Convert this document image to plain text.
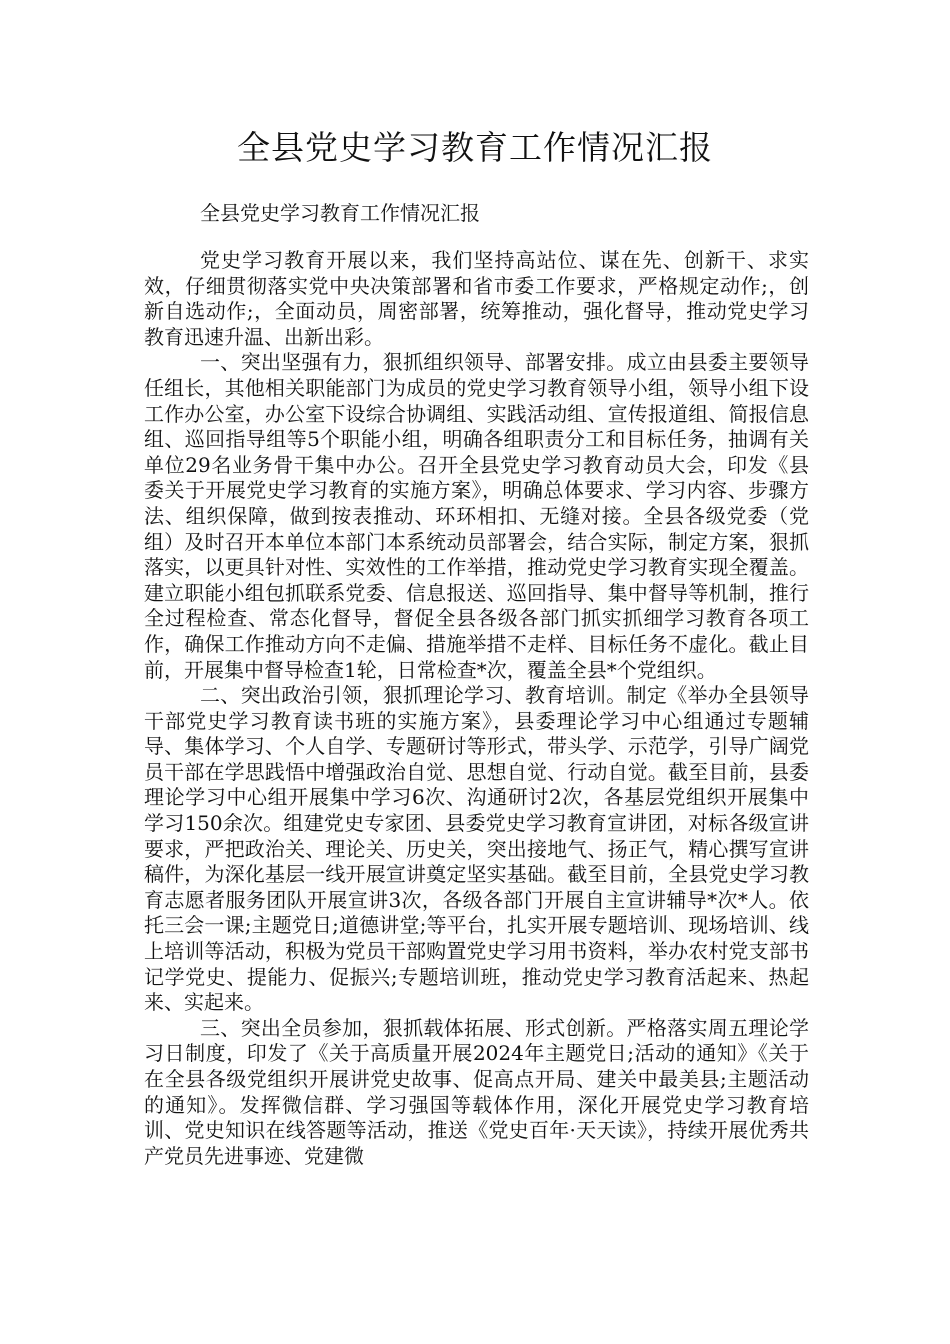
全县党史学习教育工作情况汇报
全县党史学习教育工作情况汇报

党史学习教育开展以来，我们坚持高站位、谋在先、创新干、求实效，仔细贯彻落实党中央决策部署和省市委工作要求，严格规定动作;，创新自选动作;，全面动员，周密部署，统筹推动，强化督导，推动党史学习教育迅速升温、出新出彩。

一、突出坚强有力，狠抓组织领导、部署安排。成立由县委主要领导任组长，其他相关职能部门为成员的党史学习教育领导小组，领导小组下设工作办公室，办公室下设综合协调组、实践活动组、宣传报道组、简报信息组、巡回指导组等5个职能小组，明确各组职责分工和目标任务，抽调有关单位29名业务骨干集中办公。召开全县党史学习教育动员大会，印发《县委关于开展党史学习教育的实施方案》，明确总体要求、学习内容、步骤方法、组织保障，做到按表推动、环环相扣、无缝对接。全县各级党委（党组）及时召开本单位本部门本系统动员部署会，结合实际，制定方案，狠抓落实，以更具针对性、实效性的工作举措，推动党史学习教育实现全覆盖。建立职能小组包抓联系党委、信息报送、巡回指导、集中督导等机制，推行全过程检查、常态化督导，督促全县各级各部门抓实抓细学习教育各项工作，确保工作推动方向不走偏、措施举措不走样、目标任务不虚化。截止目前，开展集中督导检查1轮，日常检查*次，覆盖全县*个党组织。

二、突出政治引领，狠抓理论学习、教育培训。制定《举办全县领导干部党史学习教育读书班的实施方案》，县委理论学习中心组通过专题辅导、集体学习、个人自学、专题研讨等形式，带头学、示范学，引导广阔党员干部在学思践悟中增强政治自觉、思想自觉、行动自觉。截至目前，县委理论学习中心组开展集中学习6次、沟通研讨2次，各基层党组织开展集中学习150余次。组建党史专家团、县委党史学习教育宣讲团，对标各级宣讲要求，严把政治关、理论关、历史关，突出接地气、扬正气，精心撰写宣讲稿件，为深化基层一线开展宣讲奠定坚实基础。截至目前，全县党史学习教育志愿者服务团队开展宣讲3次，各级各部门开展自主宣讲辅导*次*人。依托三会一课;主题党日;道德讲堂;等平台，扎实开展专题培训、现场培训、线上培训等活动，积极为党员干部购置党史学习用书资料，举办农村党支部书记学党史、提能力、促振兴;专题培训班，推动党史学习教育活起来、热起来、实起来。

三、突出全员参加，狠抓载体拓展、形式创新。严格落实周五理论学习日制度，印发了《关于高质量开展2024年主题党日;活动的通知》《关于在全县各级党组织开展讲党史故事、促高点开局、建关中最美县;主题活动的通知》。发挥微信群、学习强国等载体作用，深化开展党史学习教育培训、党史知识在线答题等活动，推送《党史百年·天天读》，持续开展优秀共产党员先进事迹、党建微
